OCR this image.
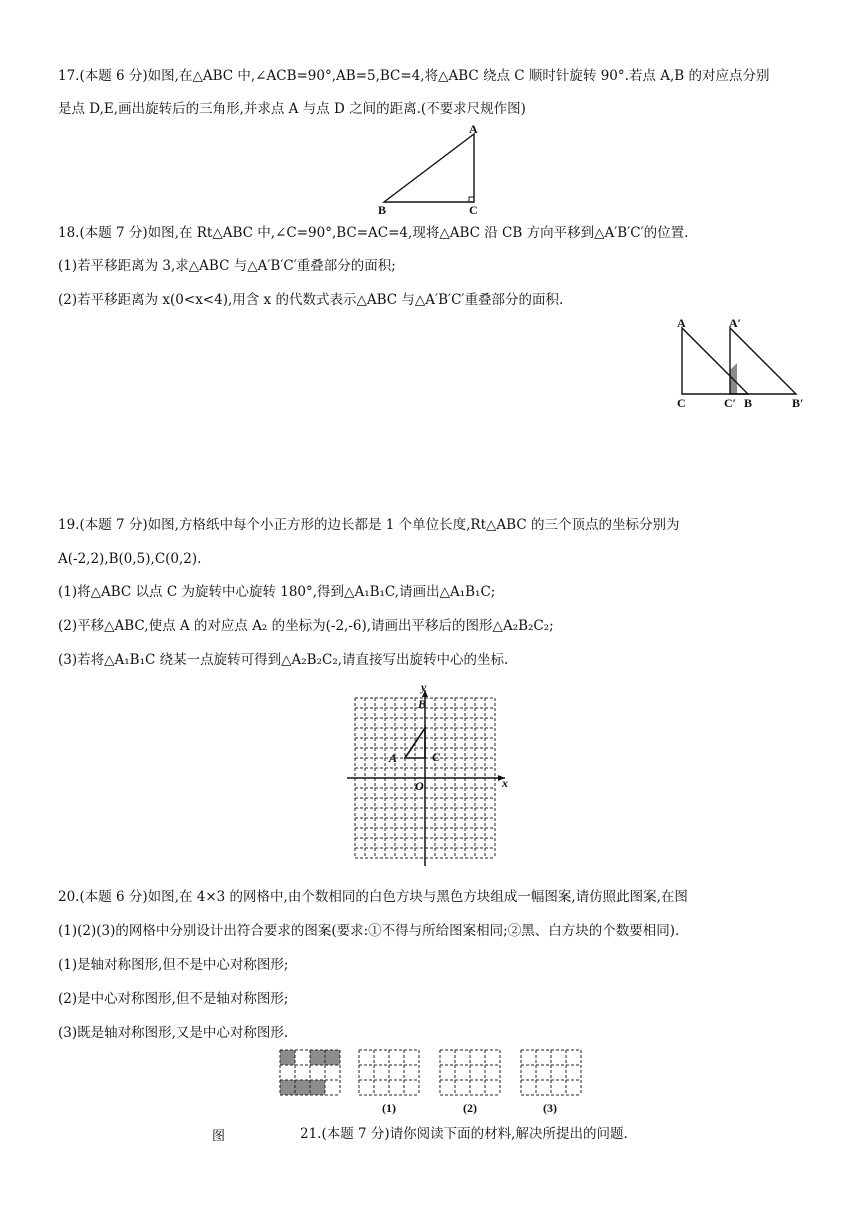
17.(本题 6 分)如图,在△ABC 中,∠ACB=90°,AB=5,BC=4,将△ABC 绕点 C 顺时针旋转 90°.若点 A,B 的对应点分别
是点 D,E,画出旋转后的三角形,并求点 A 与点 D 之间的距离.(不要求尺规作图)
A
B	C
18.(本题 7 分)如图,在 Rt△ABC 中,∠C=90°,BC=AC=4,现将△ABC 沿 CB 方向平移到△A′B′C′的位置.
(1)若平移距离为 3,求△ABC 与△A′B′C′重叠部分的面积;
(2)若平移距离为 x(0<x<4),用含 x 的代数式表示△ABC 与△A′B′C′重叠部分的面积.
A	A′
C	C′ B	B′
19.(本题 7 分)如图,方格纸中每个小正方形的边长都是 1 个单位长度,Rt△ABC 的三个顶点的坐标分别为
A(-2,2),B(0,5),C(0,2).
(1)将△ABC 以点 C 为旋转中心旋转 180°,得到△A₁B₁C,请画出△A₁B₁C;
(2)平移△ABC,使点 A 的对应点 A₂ 的坐标为(-2,-6),请画出平移后的图形△A₂B₂C₂;
(3)若将△A₁B₁C 绕某一点旋转可得到△A₂B₂C₂,请直接写出旋转中心的坐标.
y
x
O
B
C
A
20.(本题 6 分)如图,在 4×3 的网格中,由个数相同的白色方块与黑色方块组成一幅图案,请仿照此图案,在图
(1)(2)(3)的网格中分别设计出符合要求的图案(要求:①不得与所给图案相同;②黑、白方块的个数要相同).
(1)是轴对称图形,但不是中心对称图形;
(2)是中心对称图形,但不是轴对称图形;
(3)既是轴对称图形,又是中心对称图形.
(1)	(2)	(3)
图	21.(本题 7 分)请你阅读下面的材料,解决所提出的问题.
